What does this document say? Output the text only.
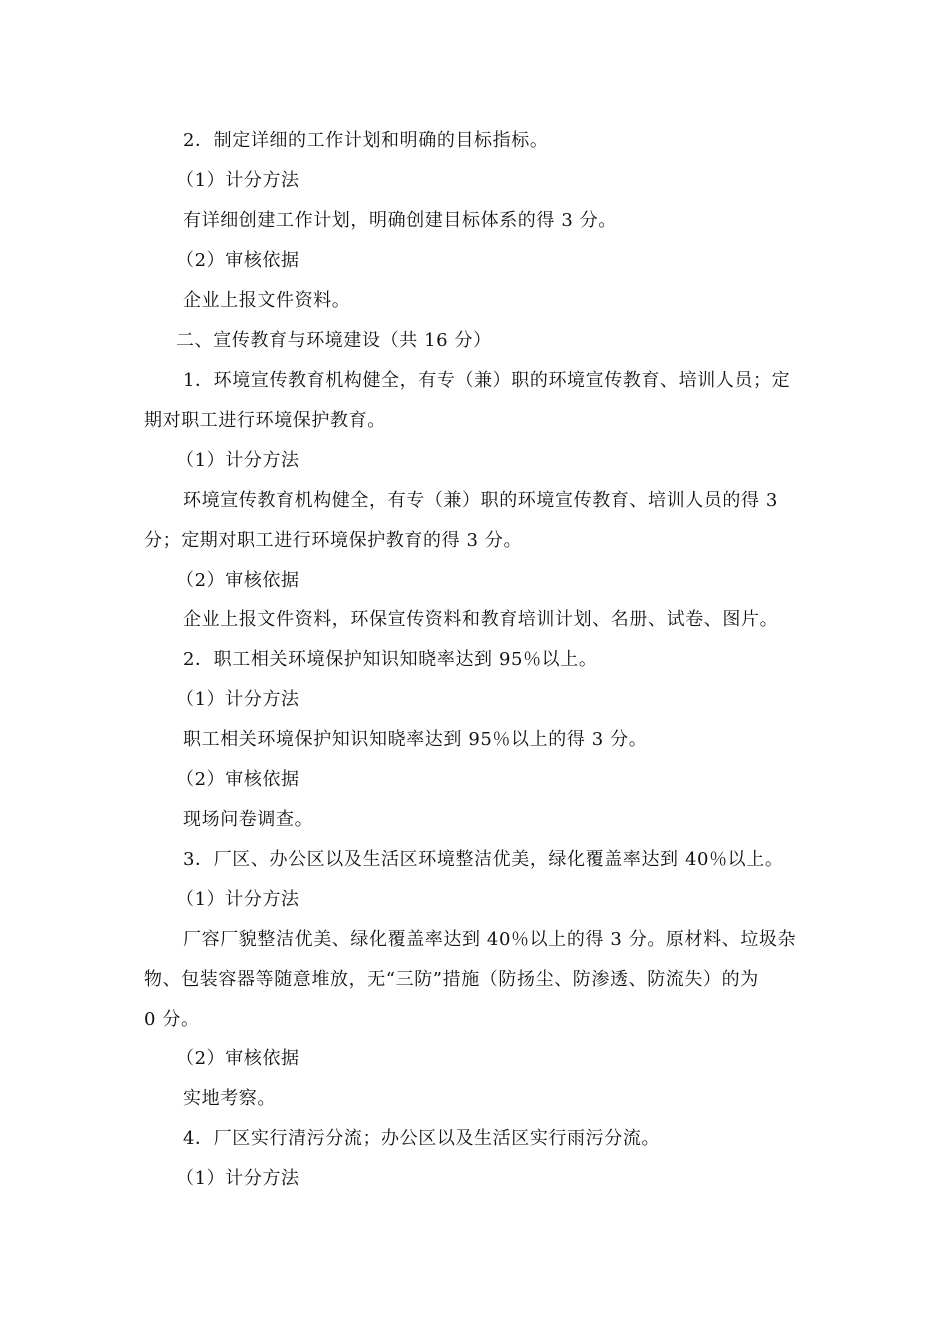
2．制定详细的工作计划和明确的目标指标。
（1）计分方法
有详细创建工作计划，明确创建目标体系的得 3 分。
（2）审核依据
企业上报文件资料。
二、宣传教育与环境建设（共 16 分）
1．环境宣传教育机构健全，有专（兼）职的环境宣传教育、培训人员；定
期对职工进行环境保护教育。
（1）计分方法
环境宣传教育机构健全，有专（兼）职的环境宣传教育、培训人员的得 3
分；定期对职工进行环境保护教育的得 3 分。
（2）审核依据
企业上报文件资料，环保宣传资料和教育培训计划、名册、试卷、图片。
2．职工相关环境保护知识知晓率达到 95％以上。
（1）计分方法
职工相关环境保护知识知晓率达到 95％以上的得 3 分。
（2）审核依据
现场问卷调查。
3．厂区、办公区以及生活区环境整洁优美，绿化覆盖率达到 40％以上。
（1）计分方法
厂容厂貌整洁优美、绿化覆盖率达到 40％以上的得 3 分。原材料、垃圾杂
物、包装容器等随意堆放，无“三防”措施（防扬尘、防渗透、防流失）的为
0 分。
（2）审核依据
实地考察。
4．厂区实行清污分流；办公区以及生活区实行雨污分流。
（1）计分方法
